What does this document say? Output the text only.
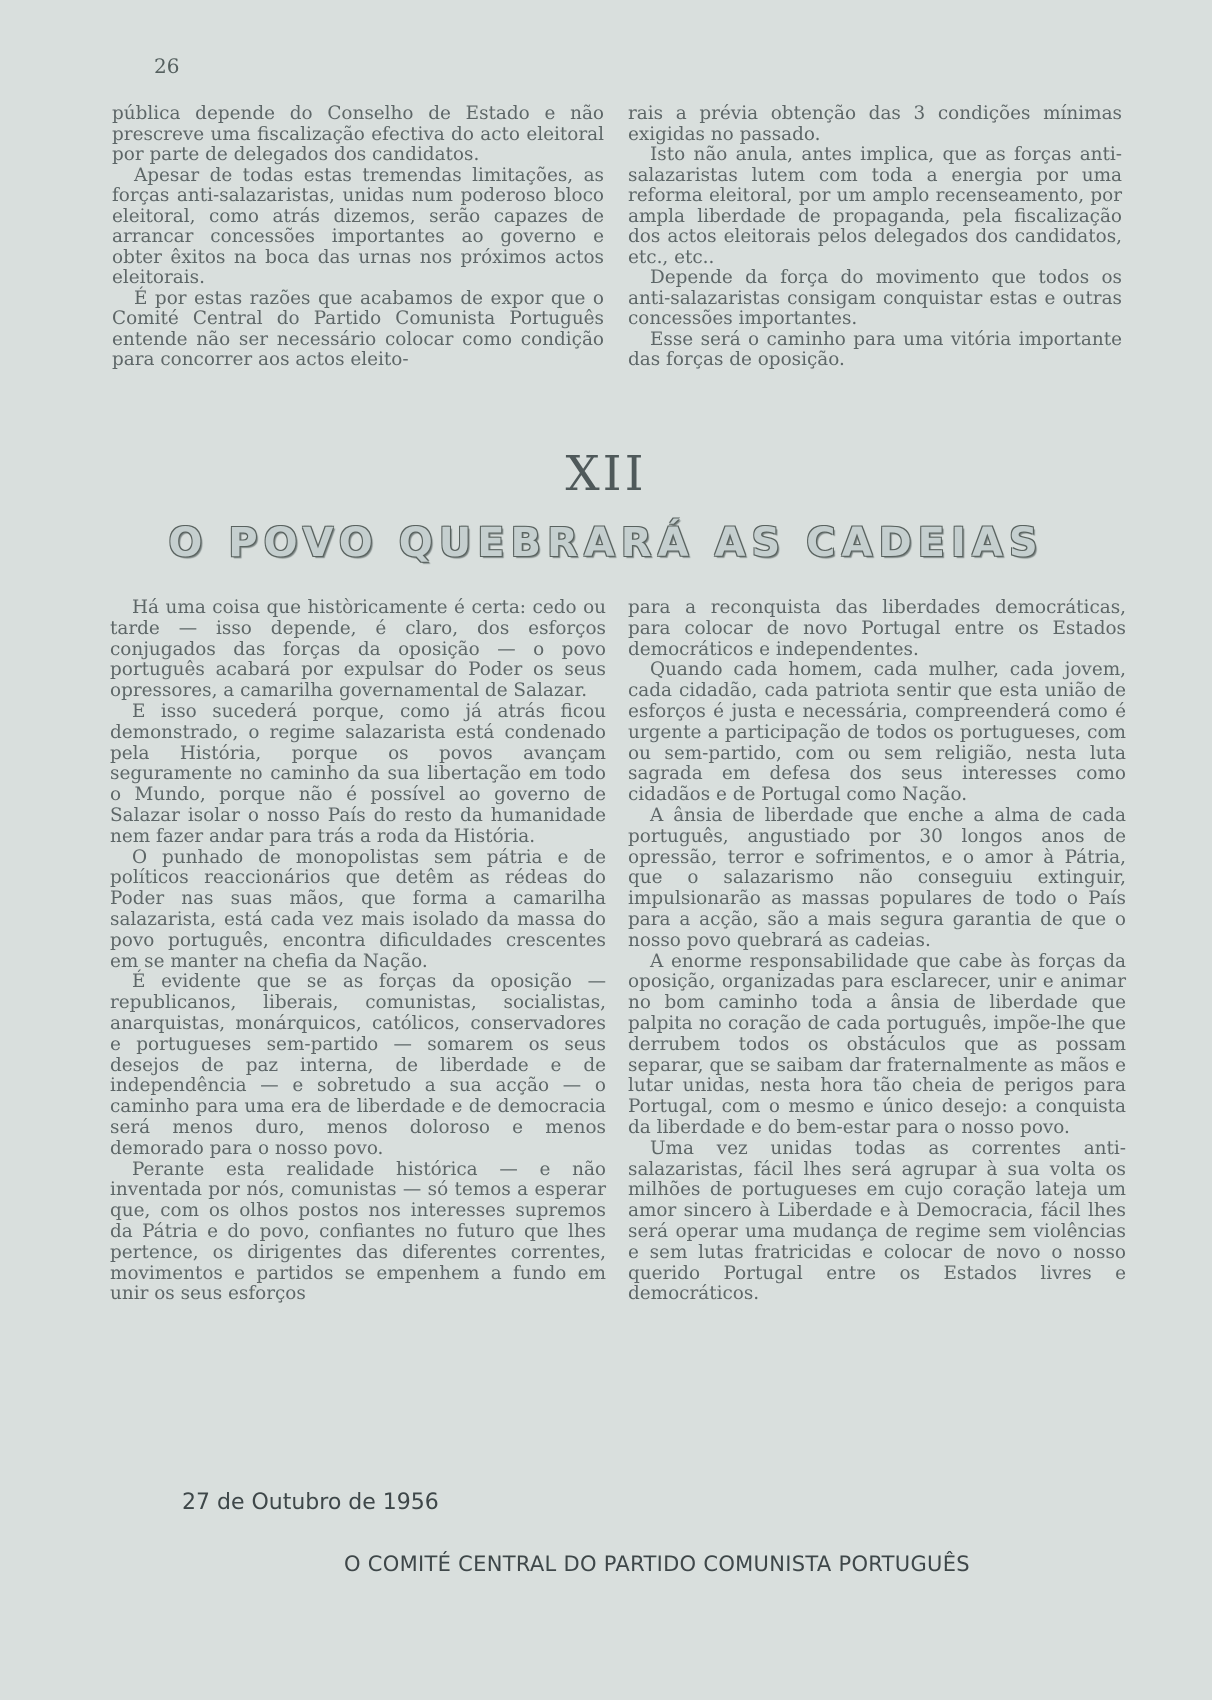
26

pública depende do Conselho de Estado e não prescreve uma fiscalização efectiva do acto eleitoral por parte de delegados dos candidatos.

Apesar de todas estas tremendas limitações, as forças anti-salazaristas, unidas num poderoso bloco eleitoral, como atrás dizemos, serão capazes de arrancar concessões importantes ao governo e obter êxitos na boca das urnas nos próximos actos eleitorais.

É por estas razões que acabamos de expor que o Comité Central do Partido Comunista Português entende não ser necessário colocar como condição para concorrer aos actos eleito-

rais a prévia obtenção das 3 condições mínimas exigidas no passado.

Isto não anula, antes implica, que as forças anti-salazaristas lutem com toda a energia por uma reforma eleitoral, por um amplo recenseamento, por ampla liberdade de propaganda, pela fiscalização dos actos eleitorais pelos delegados dos candidatos, etc., etc..

Depende da força do movimento que todos os anti-salazaristas consigam conquistar estas e outras concessões importantes.

Esse será o caminho para uma vitória importante das forças de oposição.

XII
O POVO QUEBRARÁ AS CADEIAS

Há uma coisa que històricamente é certa: cedo ou tarde — isso depende, é claro, dos esforços conjugados das forças da oposição — o povo português acabará por expulsar do Poder os seus opressores, a camarilha governamental de Salazar.

E isso sucederá porque, como já atrás ficou demonstrado, o regime salazarista está condenado pela História, porque os povos avançam seguramente no caminho da sua libertação em todo o Mundo, porque não é possível ao governo de Salazar isolar o nosso País do resto da humanidade nem fazer andar para trás a roda da História.

O punhado de monopolistas sem pátria e de políticos reaccionários que detêm as rédeas do Poder nas suas mãos, que forma a camarilha salazarista, está cada vez mais isolado da massa do povo português, encontra dificuldades crescentes em se manter na chefia da Nação.

É evidente que se as forças da oposição — republicanos, liberais, comunistas, socialistas, anarquistas, monárquicos, católicos, conservadores e portugueses sem-partido — somarem os seus desejos de paz interna, de liberdade e de independência — e sobretudo a sua acção — o caminho para uma era de liberdade e de democracia será menos duro, menos doloroso e menos demorado para o nosso povo.

Perante esta realidade histórica — e não inventada por nós, comunistas — só temos a esperar que, com os olhos postos nos interesses supremos da Pátria e do povo, confiantes no futuro que lhes pertence, os dirigentes das diferentes correntes, movimentos e partidos se empenhem a fundo em unir os seus esforços

para a reconquista das liberdades democráticas, para colocar de novo Portugal entre os Estados democráticos e independentes.

Quando cada homem, cada mulher, cada jovem, cada cidadão, cada patriota sentir que esta união de esforços é justa e necessária, compreenderá como é urgente a participação de todos os portugueses, com ou sem-partido, com ou sem religião, nesta luta sagrada em defesa dos seus interesses como cidadãos e de Portugal como Nação.

A ânsia de liberdade que enche a alma de cada português, angustiado por 30 longos anos de opressão, terror e sofrimentos, e o amor à Pátria, que o salazarismo não conseguiu extinguir, impulsionarão as massas populares de todo o País para a acção, são a mais segura garantia de que o nosso povo quebrará as cadeias.

A enorme responsabilidade que cabe às forças da oposição, organizadas para esclarecer, unir e animar no bom caminho toda a ânsia de liberdade que palpita no coração de cada português, impõe-lhe que derrubem todos os obstáculos que as possam separar, que se saibam dar fraternalmente as mãos e lutar unidas, nesta hora tão cheia de perigos para Portugal, com o mesmo e único desejo: a conquista da liberdade e do bem-estar para o nosso povo.

Uma vez unidas todas as correntes anti-salazaristas, fácil lhes será agrupar à sua volta os milhões de portugueses em cujo coração lateja um amor sincero à Liberdade e à Democracia, fácil lhes será operar uma mudança de regime sem violências e sem lutas fratricidas e colocar de novo o nosso querido Portugal entre os Estados livres e democráticos.

27 de Outubro de 1956
O COMITÉ CENTRAL DO PARTIDO COMUNISTA PORTUGUÊS
